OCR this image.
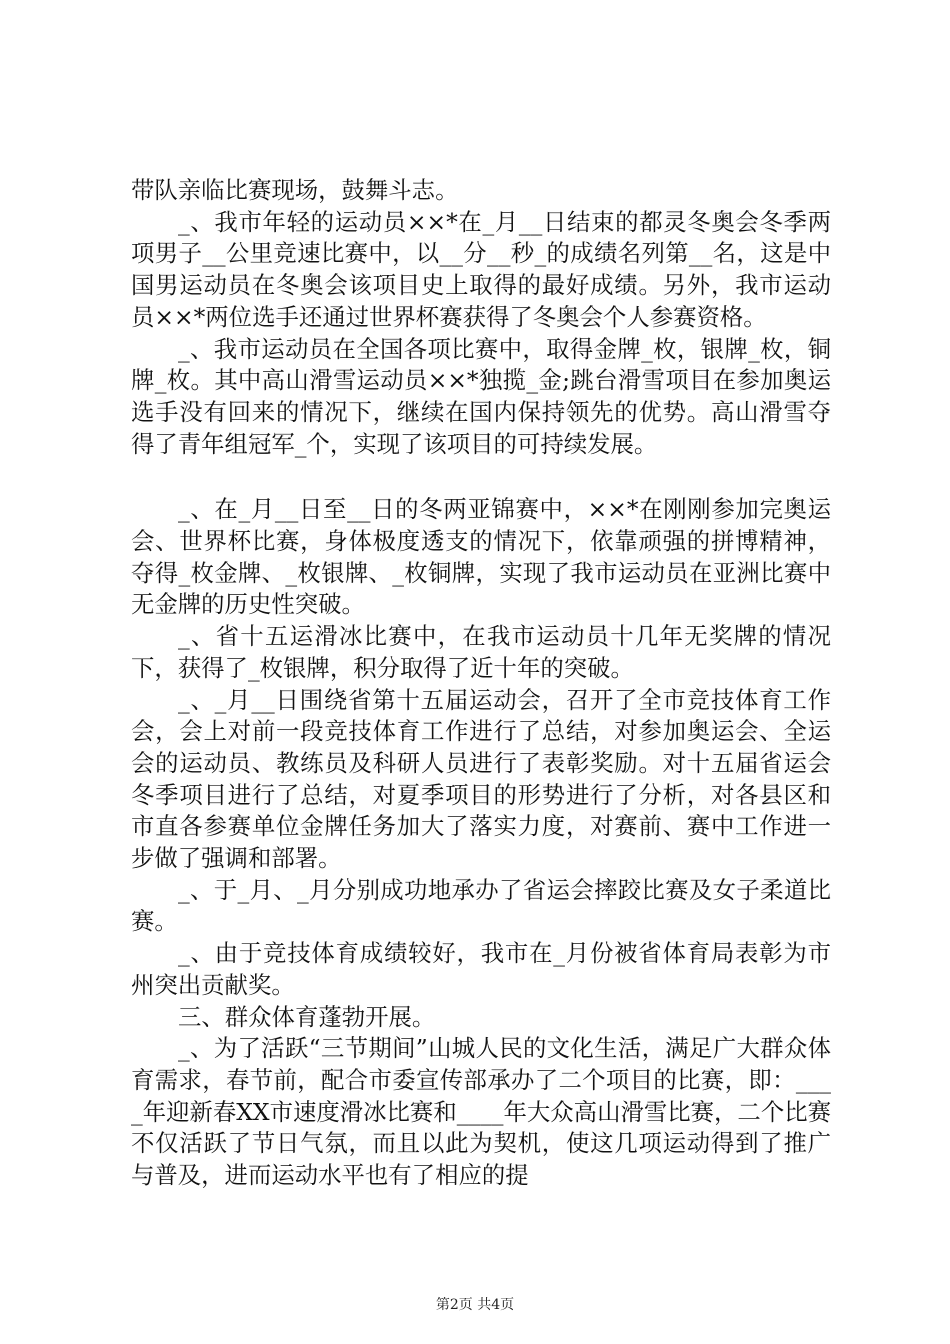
带队亲临比赛现场，鼓舞斗志。

_、我市年轻的运动员××*在_月__日结束的都灵冬奥会冬季两项男子__公里竞速比赛中，以__分__秒_的成绩名列第__名，这是中国男运动员在冬奥会该项目史上取得的最好成绩。另外，我市运动员××*两位选手还通过世界杯赛获得了冬奥会个人参赛资格。

_、我市运动员在全国各项比赛中，取得金牌_枚，银牌_枚，铜牌_枚。其中高山滑雪运动员××*独揽_金;跳台滑雪项目在参加奥运选手没有回来的情况下，继续在国内保持领先的优势。高山滑雪夺得了青年组冠军_个，实现了该项目的可持续发展。

_、在_月__日至__日的冬两亚锦赛中，××*在刚刚参加完奥运会、世界杯比赛，身体极度透支的情况下，依靠顽强的拼博精神，夺得_枚金牌、_枚银牌、_枚铜牌，实现了我市运动员在亚洲比赛中无金牌的历史性突破。

_、省十五运滑冰比赛中，在我市运动员十几年无奖牌的情况下，获得了_枚银牌，积分取得了近十年的突破。

_、_月__日围绕省第十五届运动会，召开了全市竞技体育工作会，会上对前一段竞技体育工作进行了总结，对参加奥运会、全运会的运动员、教练员及科研人员进行了表彰奖励。对十五届省运会冬季项目进行了总结，对夏季项目的形势进行了分析，对各县区和市直各参赛单位金牌任务加大了落实力度，对赛前、赛中工作进一步做了强调和部署。

_、于_月、_月分别成功地承办了省运会摔跤比赛及女子柔道比赛。

_、由于竞技体育成绩较好，我市在_月份被省体育局表彰为市州突出贡献奖。

三、群众体育蓬勃开展。

_、为了活跃“三节期间”山城人民的文化生活，满足广大群众体育需求，春节前，配合市委宣传部承办了二个项目的比赛，即：____年迎新春XX市速度滑冰比赛和____年大众高山滑雪比赛，二个比赛不仅活跃了节日气氛，而且以此为契机，使这几项运动得到了推广与普及，进而运动水平也有了相应的提

第2页 共4页
